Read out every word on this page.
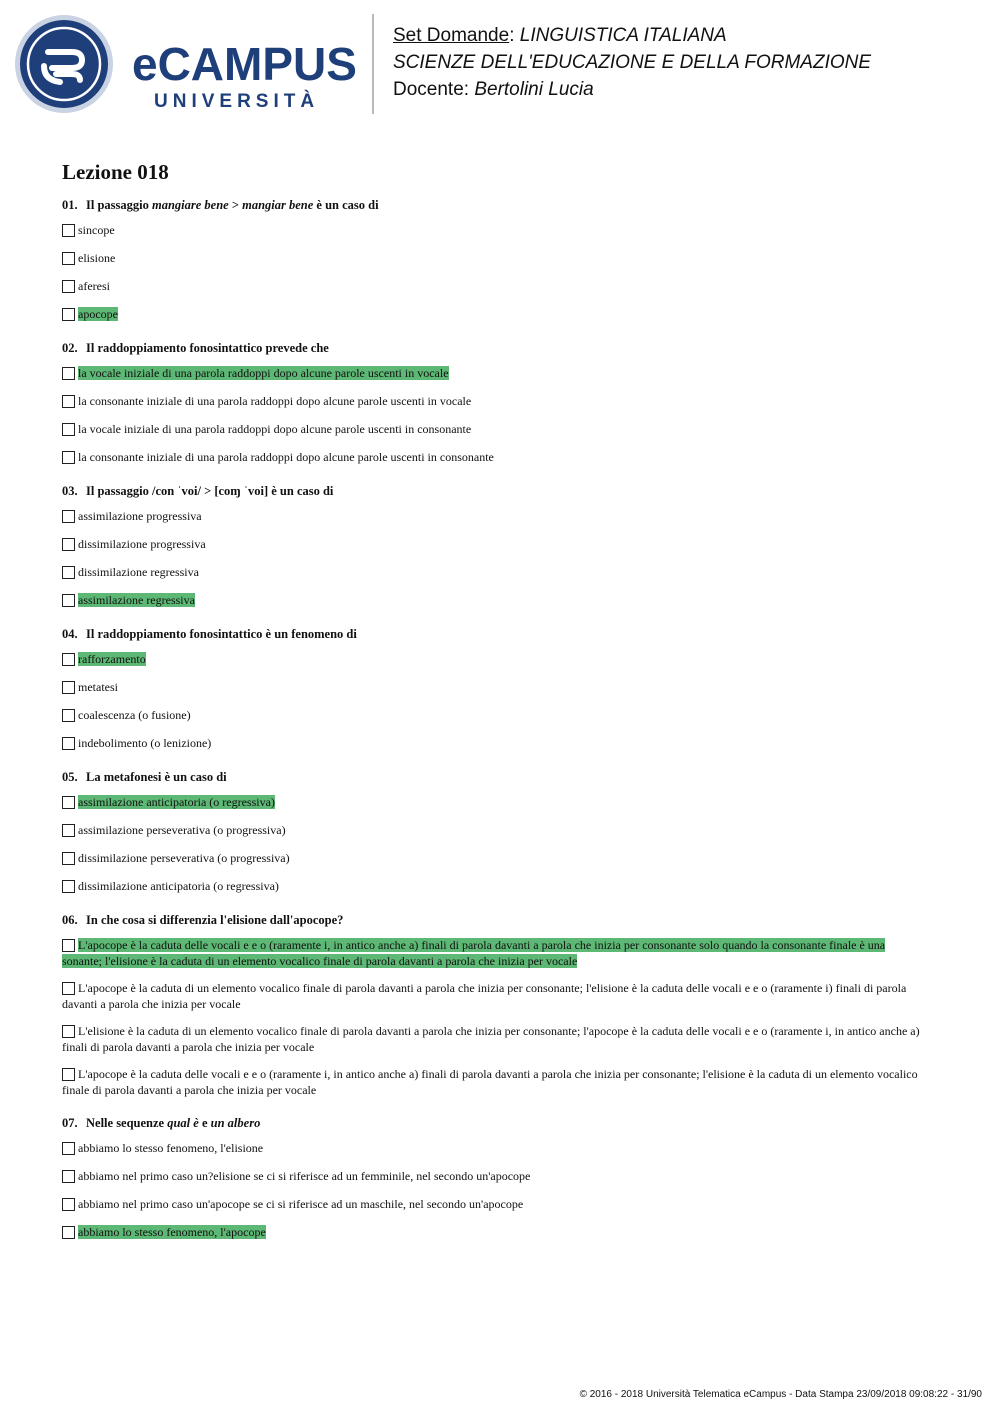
eCAMPUS
UNIVERSITÀ
Set Domande: LINGUISTICA ITALIANA
SCIENZE DELL'EDUCAZIONE E DELLA FORMAZIONE
Docente: Bertolini Lucia
Lezione 018
01. Il passaggio mangiare bene > mangiar bene è un caso di
sincope
elisione
aferesi
apocope
02. Il raddoppiamento fonosintattico prevede che
la vocale iniziale di una parola raddoppi dopo alcune parole uscenti in vocale
la consonante iniziale di una parola raddoppi dopo alcune parole uscenti in vocale
la vocale iniziale di una parola raddoppi dopo alcune parole uscenti in consonante
la consonante iniziale di una parola raddoppi dopo alcune parole uscenti in consonante
03. Il passaggio /con ˈvoi/ > [coɱ ˈvoi] è un caso di
assimilazione progressiva
dissimilazione progressiva
dissimilazione regressiva
assimilazione regressiva
04. Il raddoppiamento fonosintattico è un fenomeno di
rafforzamento
metatesi
coalescenza (o fusione)
indebolimento (o lenizione)
05. La metafonesi è un caso di
assimilazione anticipatoria (o regressiva)
assimilazione perseverativa (o progressiva)
dissimilazione perseverativa (o progressiva)
dissimilazione anticipatoria (o regressiva)
06. In che cosa si differenzia l'elisione dall'apocope?
L'apocope è la caduta delle vocali e e o (raramente i, in antico anche a) finali di parola davanti a parola che inizia per consonante solo quando la consonante finale è una sonante; l'elisione è la caduta di un elemento vocalico finale di parola davanti a parola che inizia per vocale
L'apocope è la caduta di un elemento vocalico finale di parola davanti a parola che inizia per consonante; l'elisione è la caduta delle vocali e e o (raramente i) finali di parola davanti a parola che inizia per vocale
L'elisione è la caduta di un elemento vocalico finale di parola davanti a parola che inizia per consonante; l'apocope è la caduta delle vocali e e o (raramente i, in antico anche a) finali di parola davanti a parola che inizia per vocale
L'apocope è la caduta delle vocali e e o (raramente i, in antico anche a) finali di parola davanti a parola che inizia per consonante; l'elisione è la caduta di un elemento vocalico finale di parola davanti a parola che inizia per vocale
07. Nelle sequenze qual è e un albero
abbiamo lo stesso fenomeno, l'elisione
abbiamo nel primo caso un?elisione se ci si riferisce ad un femminile, nel secondo un'apocope
abbiamo nel primo caso un'apocope se ci si riferisce ad un maschile, nel secondo un'apocope
abbiamo lo stesso fenomeno, l'apocope
© 2016 - 2018 Università Telematica eCampus - Data Stampa 23/09/2018 09:08:22 - 31/90
